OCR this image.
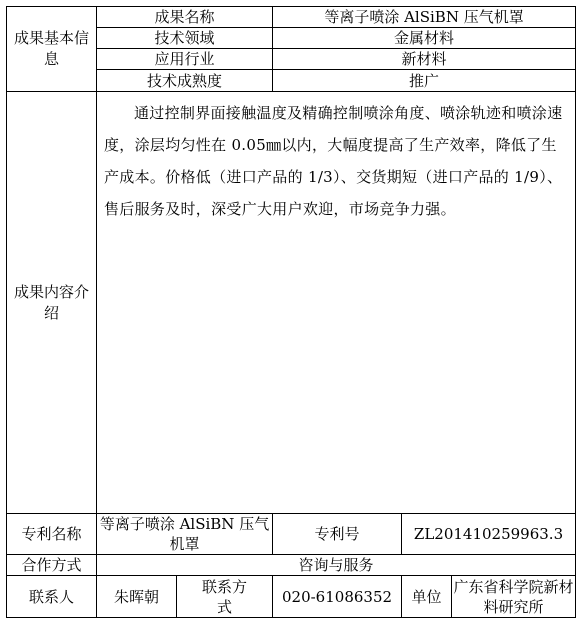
成果基本信息	成果名称		等离子喷涂 AlSiBN 压气机罩		
	技术领域		金属材料		
	应用行业		新材料		
	技术成熟度		推广		
成果内容介绍	通过控制界面接触温度及精确控制喷涂角度、喷涂轨迹和喷涂速度，涂层均匀性在 0.05㎜以内，大幅度提高了生产效率，降低了生产成本。价格低（进口产品的 1/3）、交货期短（进口产品的 1/9）、售后服务及时，深受广大用户欢迎，市场竞争力强。				
专利名称	等离子喷涂 AlSiBN 压气机罩		专利号	ZL201410259963.3	
合作方式	咨询与服务				
联系人	朱晖朝	联系方式	020-61086352	单位	广东省科学院新材料研究所
